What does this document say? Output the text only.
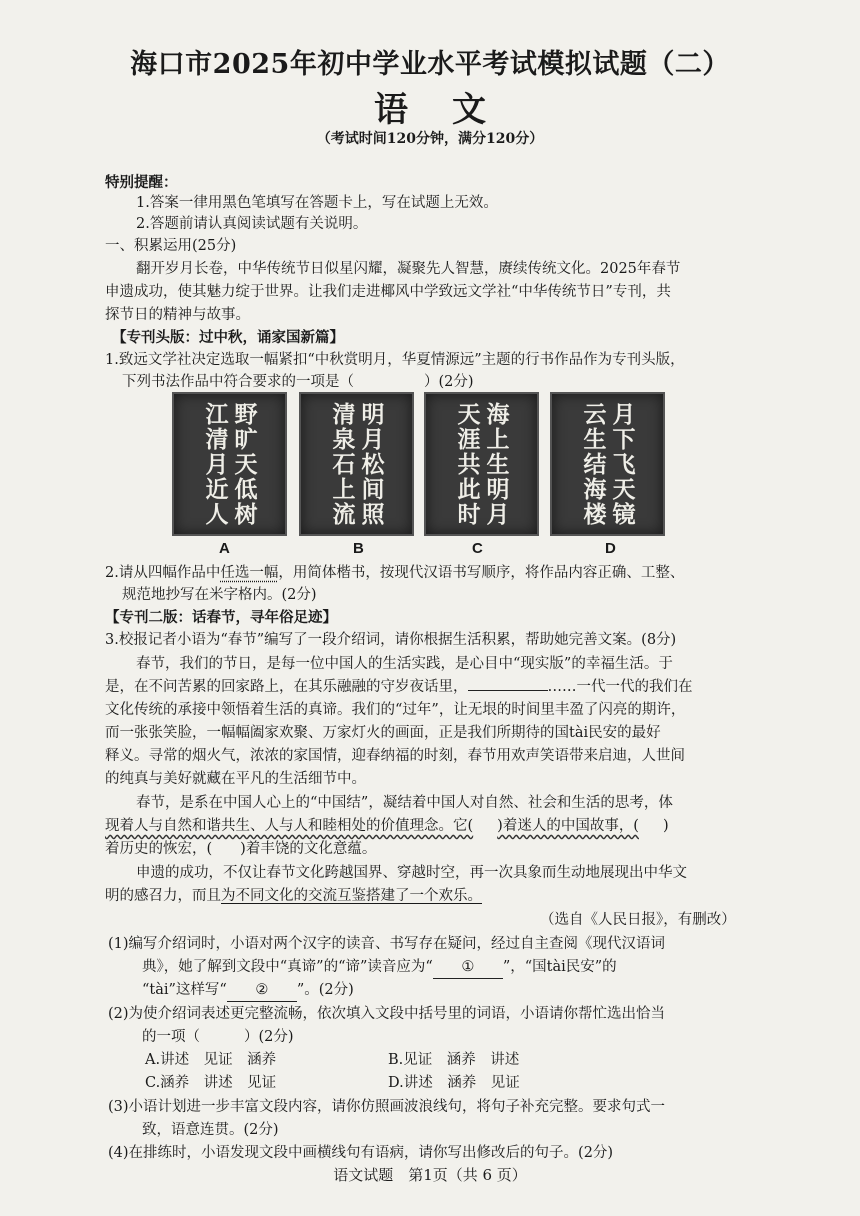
海口市2025年初中学业水平考试模拟试题（二）
语文
（考试时间120分钟，满分120分）
特别提醒：
1.答案一律用黑色笔填写在答题卡上，写在试题上无效。
2.答题前请认真阅读试题有关说明。
一、积累运用(25分)
翻开岁月长卷，中华传统节日似星闪耀，凝聚先人智慧，赓续传统文化。2025年春节
申遗成功，使其魅力绽于世界。让我们走进椰风中学致远文学社“中华传统节日”专刊，共
探节日的精神与故事。
【专刊头版：过中秋，诵家国新篇】
1.致远文学社决定选取一幅紧扣“中秋赏明月，华夏情源远”主题的行书作品作为专刊头版，
下列书法作品中符合要求的一项是（	）(2分)
野旷天低树
江清月近人	明月松间照
清泉石上流	海上生明月
天涯共此时	月下飞天镜
云生结海楼
A	B	C	D
2.请从四幅作品中任选一幅，用简体楷书，按现代汉语书写顺序，将作品内容正确、工整、
规范地抄写在米字格内。(2分)
【专刊二版：话春节，寻年俗足迹】
3.校报记者小语为“春节”编写了一段介绍词，请你根据生活积累，帮助她完善文案。(8分)
春节，我们的节日，是每一位中国人的生活实践，是心目中“现实版”的幸福生活。于
是，在不问苦累的回家路上，在其乐融融的守岁夜话里，	……一代一代的我们在
文化传统的承接中领悟着生活的真谛。我们的“过年”，让无垠的时间里丰盈了闪亮的期许，
而一张张笑脸，一幅幅阖家欢聚、万家灯火的画面，正是我们所期待的国tài民安的最好
释义。寻常的烟火气，浓浓的家国情，迎春纳福的时刻，春节用欢声笑语带来启迪，人世间
的纯真与美好就藏在平凡的生活细节中。
春节，是系在中国人心上的“中国结”，凝结着中国人对自然、社会和生活的思考，体
现着人与自然和谐共生、人与人和睦相处的价值理念。它( )着迷人的中国故事，( )
着历史的恢宏，( )着丰饶的文化意蕴。
申遗的成功，不仅让春节文化跨越国界、穿越时空，再一次具象而生动地展现出中华文
明的感召力，而且为不同文化的交流互鉴搭建了一个欢乐。
（选自《人民日报》，有删改）
(1)编写介绍词时，小语对两个汉字的读音、书写存在疑问，经过自主查阅《现代汉语词
典》，她了解到文段中“真谛”的“谛”读音应为“ ① ”，“国tài民安”的
“tài”这样写“ ② ”。(2分)
(2)为使介绍词表述更完整流畅，依次填入文段中括号里的词语，小语请你帮忙选出恰当
的一项（	）(2分)
A.讲述　见证　涵养	B.见证　涵养　讲述
C.涵养　讲述　见证	D.讲述　涵养　见证
(3)小语计划进一步丰富文段内容，请你仿照画波浪线句，将句子补充完整。要求句式一
致，语意连贯。(2分)
(4)在排练时，小语发现文段中画横线句有语病，请你写出修改后的句子。(2分)
语文试题　第1页（共 6 页）
